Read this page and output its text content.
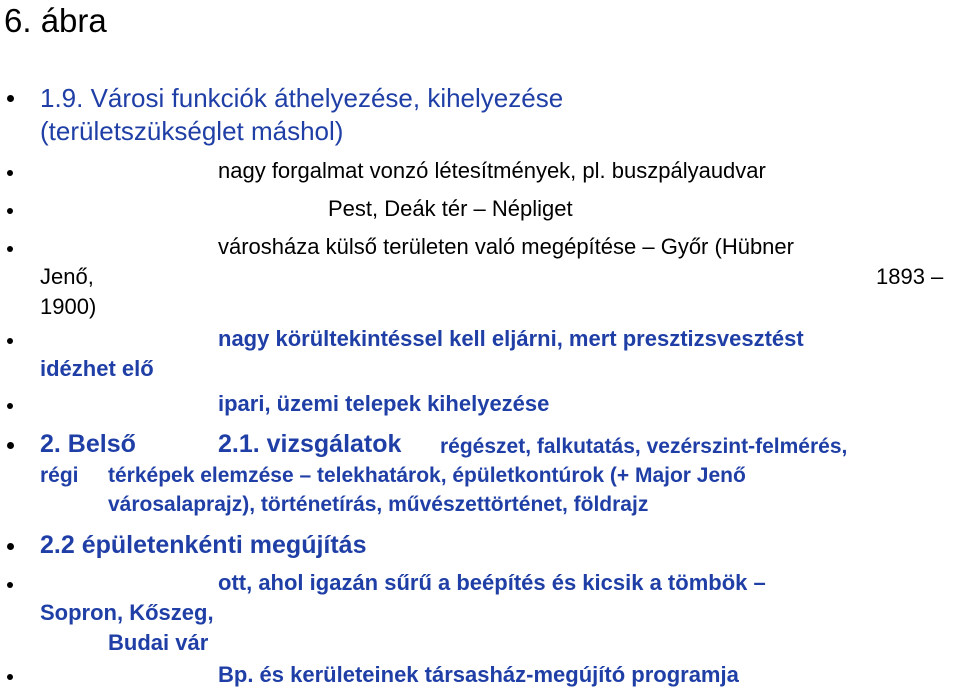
6. ábra
1.9. Városi funkciók áthelyezése, kihelyezése
(területszükséglet máshol)
nagy forgalmat vonzó létesítmények, pl. buszpályaudvar
Pest, Deák tér – Népliget
városháza külső területen való megépítése – Győr (Hübner
Jenő,	1893 –
1900)
nagy körültekintéssel kell eljárni, mert presztizsvesztést
idézhet elő
ipari, üzemi telepek kihelyezése
2. Belső	2.1. vizsgálatok régészet, falkutatás, vezérszint-felmérés,
régi térképek elemzése – telekhatárok, épületkontúrok (+ Major Jenő
városalaprajz), történetírás, művészettörténet, földrajz
2.2 épületenkénti megújítás
ott, ahol igazán sűrű a beépítés és kicsik a tömbök –
Sopron, Kőszeg,
Budai vár
Bp. és kerületeinek társasház-megújító programja
